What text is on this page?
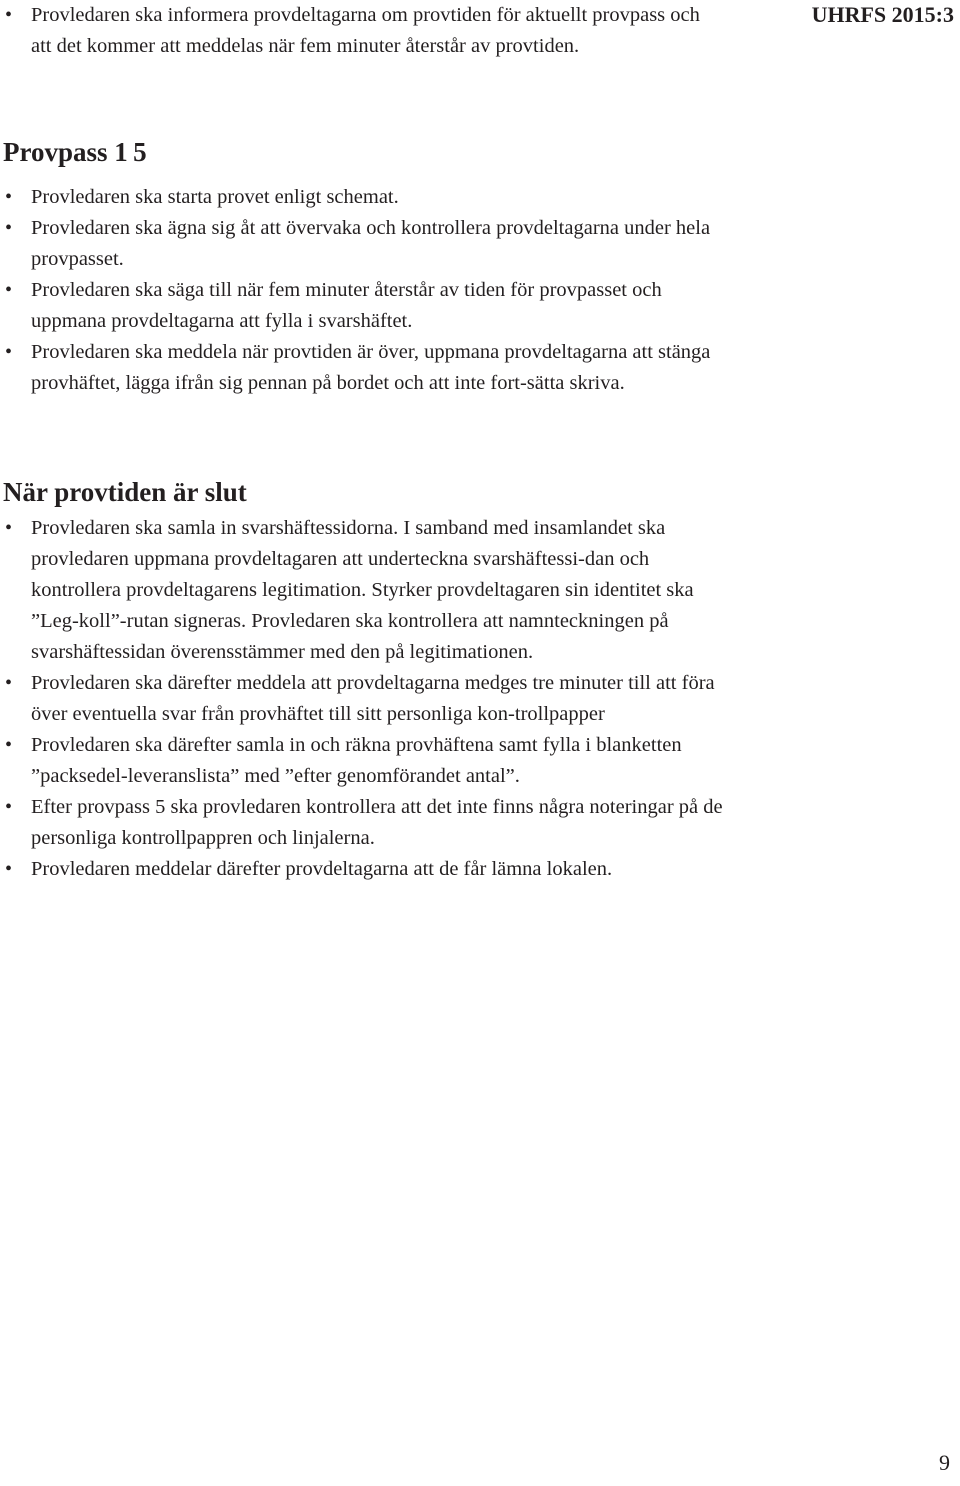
UHRFS 2015:3
• Provledaren ska informera provdeltagarna om provtiden för aktuellt provpass och att det kommer att meddelas när fem minuter återstår av provtiden.
Provpass 1 5
• Provledaren ska starta provet enligt schemat.
• Provledaren ska ägna sig åt att övervaka och kontrollera provdeltagarna under hela provpasset.
• Provledaren ska säga till när fem minuter återstår av tiden för provpasset och uppmana provdeltagarna att fylla i svarshäftet.
• Provledaren ska meddela när provtiden är över, uppmana provdeltagarna att stänga provhäftet, lägga ifrån sig pennan på bordet och att inte fort-sätta skriva.
När provtiden är slut
• Provledaren ska samla in svarshäftessidorna. I samband med insamlandet ska provledaren uppmana provdeltagaren att underteckna svarshäftessi-dan och kontrollera provdeltagarens legitimation. Styrker provdeltagaren sin identitet ska ”Leg-koll”-rutan signeras. Provledaren ska kontrollera att namnteckningen på svarshäftessidan överensstämmer med den på legitimationen.
• Provledaren ska därefter meddela att provdeltagarna medges tre minuter till att föra över eventuella svar från provhäftet till sitt personliga kon-trollpapper
• Provledaren ska därefter samla in och räkna provhäftena samt fylla i blanketten ”packsedel-leveranslista” med ”efter genomförandet antal”.
• Efter provpass 5 ska provledaren kontrollera att det inte finns några noteringar på de personliga kontrollpappren och linjalerna.
• Provledaren meddelar därefter provdeltagarna att de får lämna lokalen.
9
